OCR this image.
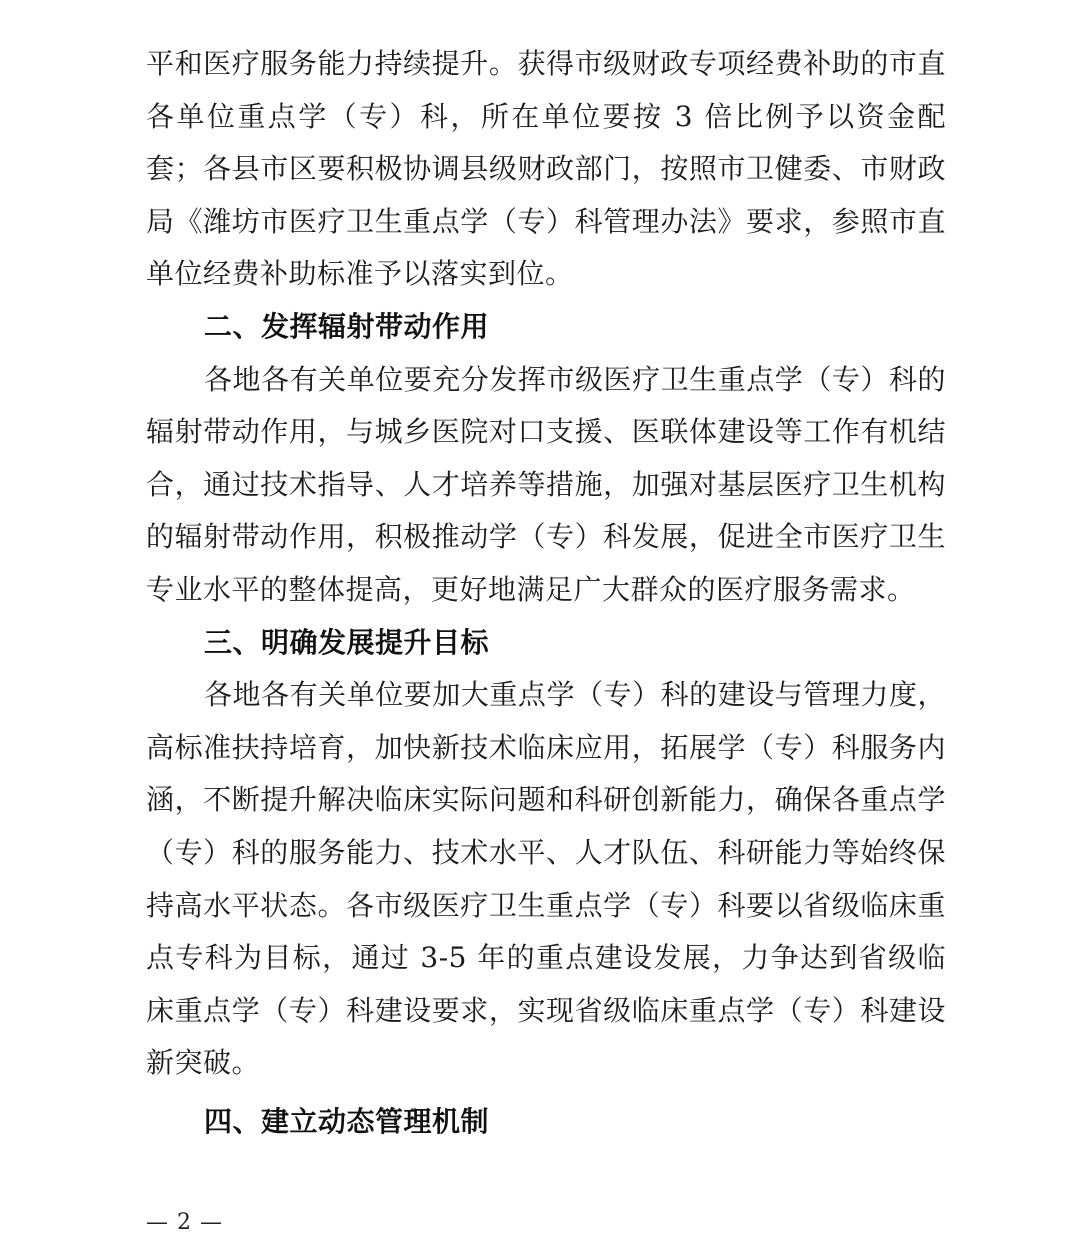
平和医疗服务能力持续提升。获得市级财政专项经费补助的市直各单位重点学（专）科，所在单位要按 3 倍比例予以资金配套；各县市区要积极协调县级财政部门，按照市卫健委、市财政局《潍坊市医疗卫生重点学（专）科管理办法》要求，参照市直单位经费补助标准予以落实到位。

二、发挥辐射带动作用

各地各有关单位要充分发挥市级医疗卫生重点学（专）科的辐射带动作用，与城乡医院对口支援、医联体建设等工作有机结合，通过技术指导、人才培养等措施，加强对基层医疗卫生机构的辐射带动作用，积极推动学（专）科发展，促进全市医疗卫生专业水平的整体提高，更好地满足广大群众的医疗服务需求。

三、明确发展提升目标

各地各有关单位要加大重点学（专）科的建设与管理力度，高标准扶持培育，加快新技术临床应用，拓展学（专）科服务内涵，不断提升解决临床实际问题和科研创新能力，确保各重点学（专）科的服务能力、技术水平、人才队伍、科研能力等始终保持高水平状态。各市级医疗卫生重点学（专）科要以省级临床重点专科为目标，通过 3-5 年的重点建设发展，力争达到省级临床重点学（专）科建设要求，实现省级临床重点学（专）科建设新突破。

四、建立动态管理机制
— 2 —
